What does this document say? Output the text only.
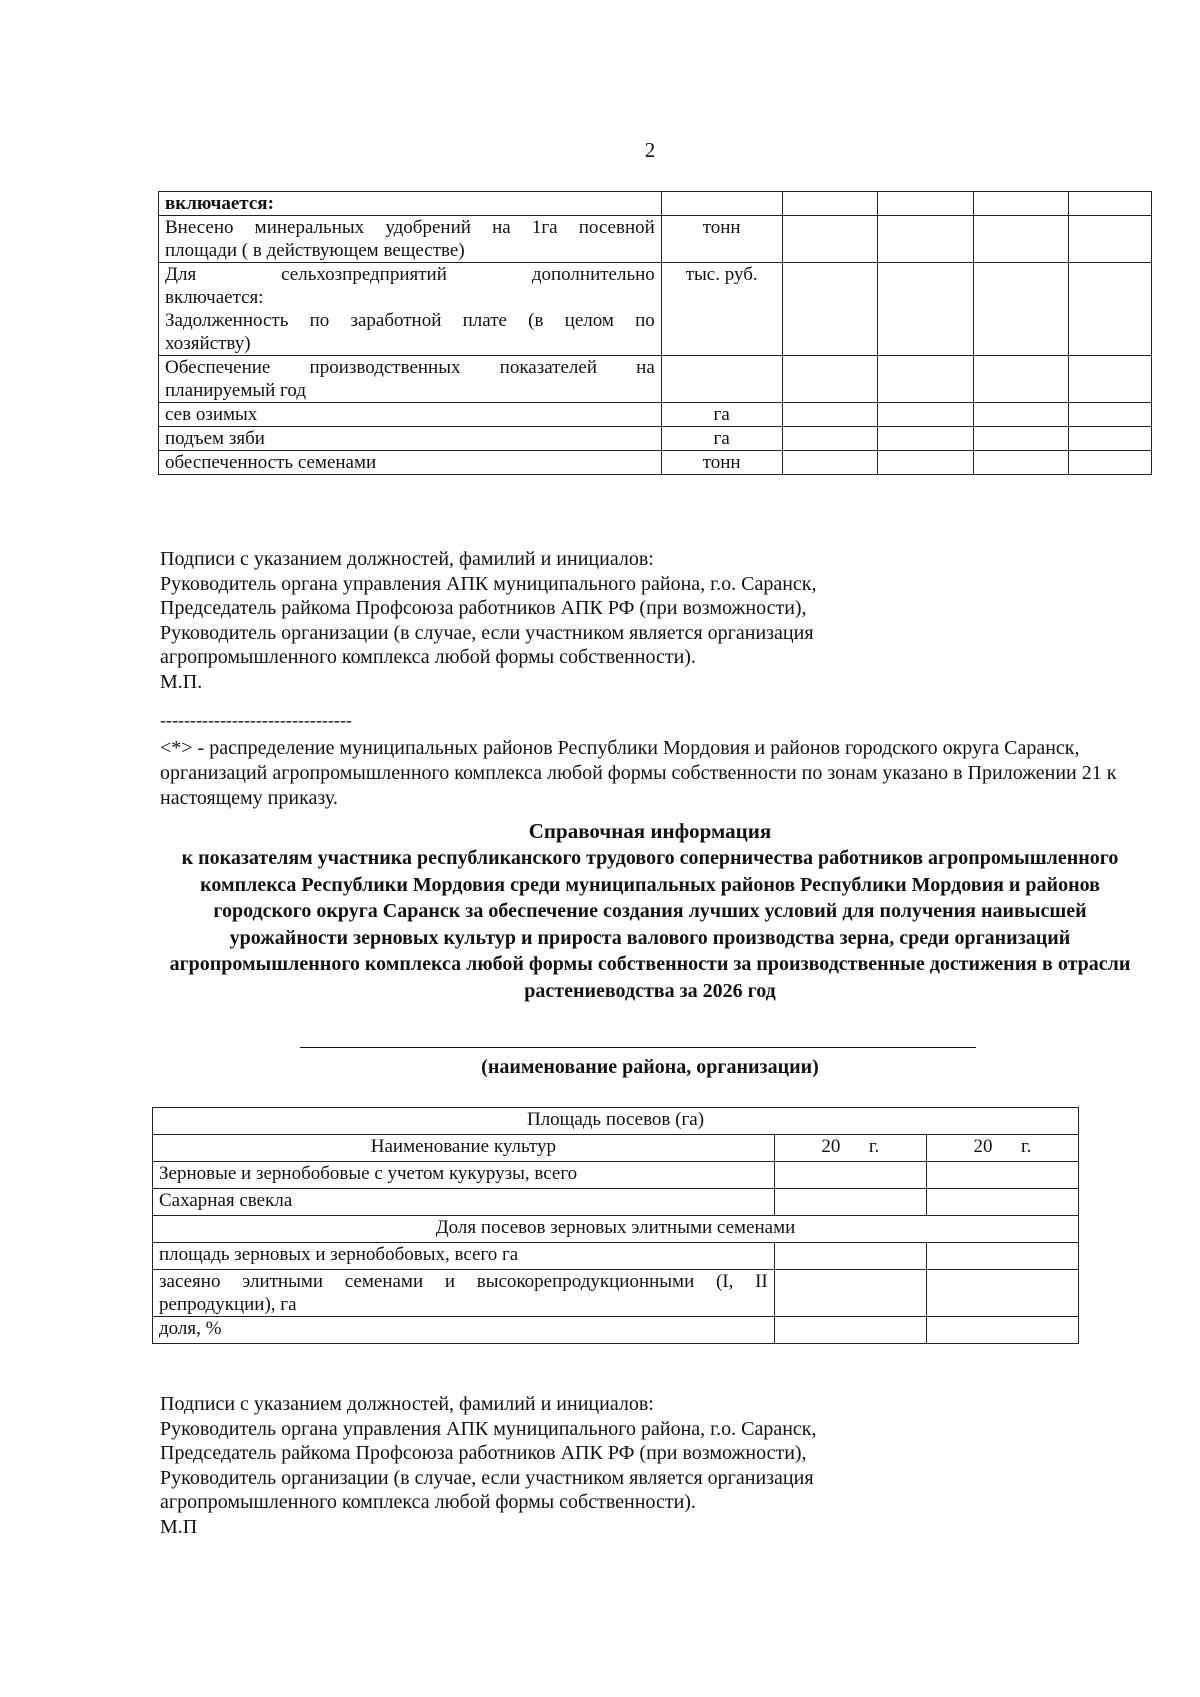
2
включается:					

Внесено минеральных удобрений на 1га посевной
площади ( в действующем веществе)	тонн				

Для сельхозпредприятий дополнительно
включается:
Задолженность по заработной плате (в целом по
хозяйству)	тыс. руб.				

Обеспечение производственных показателей на
планируемый год					

сев озимых	га				

подъем зяби	га				

обеспеченность семенами	тонн				
Подписи с указанием должностей, фамилий и инициалов:
Руководитель органа управления АПК муниципального района, г.о. Саранск,
Председатель райкома Профсоюза работников АПК РФ (при возможности),
Руководитель организации (в случае, если участником является организация
агропромышленного комплекса любой формы собственности).
М.П.
--------------------------------
<*> - распределение муниципальных районов Республики Мордовия и районов городского округа Саранск, организаций агропромышленного комплекса любой формы собственности по зонам указано в Приложении 21 к настоящему приказу.
Справочная информация
к показателям участника республиканского трудового соперничества работников агропромышленного комплекса Республики Мордовия среди муниципальных районов Республики Мордовия и районов городского округа Саранск за обеспечение создания лучших условий для получения наивысшей урожайности зерновых культур и прироста валового производства зерна, среди организаций агропромышленного комплекса любой формы собственности за производственные достижения в отрасли растениеводства за 2026 год
(наименование района, организации)
Площадь посевов (га)		
Наименование культур	20      г.	20      г.
Зерновые и зернобобовые с учетом кукурузы, всего		
Сахарная свекла		
Доля посевов зерновых элитными семенами		
площадь зерновых и зернобобовых, всего га		
засеяно элитными семенами и высокорепродукционными (I, II репродукции), га		
доля, %		
Подписи с указанием должностей, фамилий и инициалов:
Руководитель органа управления АПК муниципального района, г.о. Саранск,
Председатель райкома Профсоюза работников АПК РФ (при возможности),
Руководитель организации (в случае, если участником является организация
агропромышленного комплекса любой формы собственности).
М.П
